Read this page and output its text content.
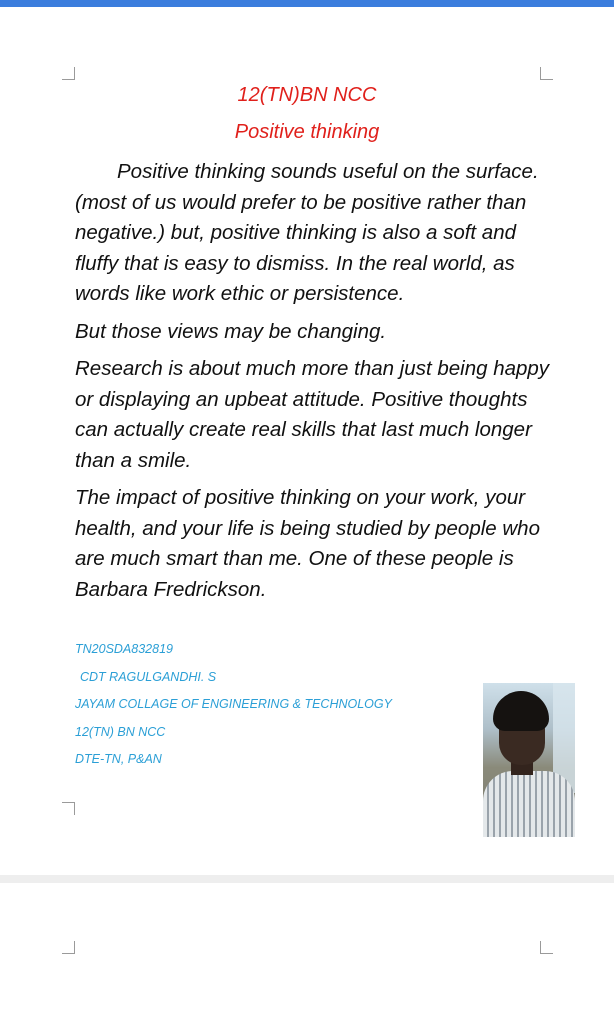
12(TN)BN NCC
Positive thinking

Positive thinking sounds useful on the surface. (most of us would prefer to be positive rather than negative.) but, positive thinking is also a soft and fluffy that is easy to dismiss. In the real world, as words like work ethic or persistence.

But those views may be changing.

Research is about much more than just being happy or displaying an upbeat attitude. Positive thoughts can actually create real skills that last much longer than a smile.

The impact of positive thinking on your work, your health, and your life is being studied by people who are much smart than me. One of these people is Barbara Fredrickson.

TN20SDA832819
CDT RAGULGANDHI. S
JAYAM COLLAGE OF ENGINEERING & TECHNOLOGY
12(TN) BN NCC
DTE-TN, P&AN
